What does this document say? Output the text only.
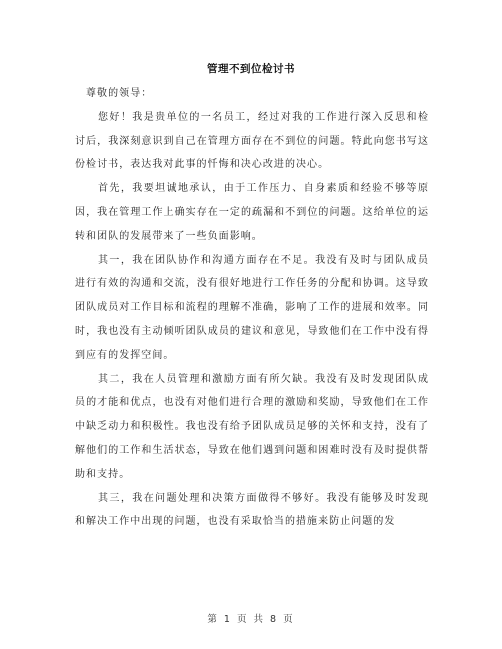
管理不到位检讨书

尊敬的领导：

您好！我是贵单位的一名员工，经过对我的工作进行深入反思和检讨后，我深刻意识到自己在管理方面存在不到位的问题。特此向您书写这份检讨书，表达我对此事的忏悔和决心改进的决心。

首先，我要坦诚地承认，由于工作压力、自身素质和经验不够等原因，我在管理工作上确实存在一定的疏漏和不到位的问题。这给单位的运转和团队的发展带来了一些负面影响。

其一，我在团队协作和沟通方面存在不足。我没有及时与团队成员进行有效的沟通和交流，没有很好地进行工作任务的分配和协调。这导致团队成员对工作目标和流程的理解不准确，影响了工作的进展和效率。同时，我也没有主动倾听团队成员的建议和意见，导致他们在工作中没有得到应有的发挥空间。

其二，我在人员管理和激励方面有所欠缺。我没有及时发现团队成员的才能和优点，也没有对他们进行合理的激励和奖励，导致他们在工作中缺乏动力和积极性。我也没有给予团队成员足够的关怀和支持，没有了解他们的工作和生活状态，导致在他们遇到问题和困难时没有及时提供帮助和支持。

其三，我在问题处理和决策方面做得不够好。我没有能够及时发现和解决工作中出现的问题，也没有采取恰当的措施来防止问题的发

第 1 页 共 8 页
